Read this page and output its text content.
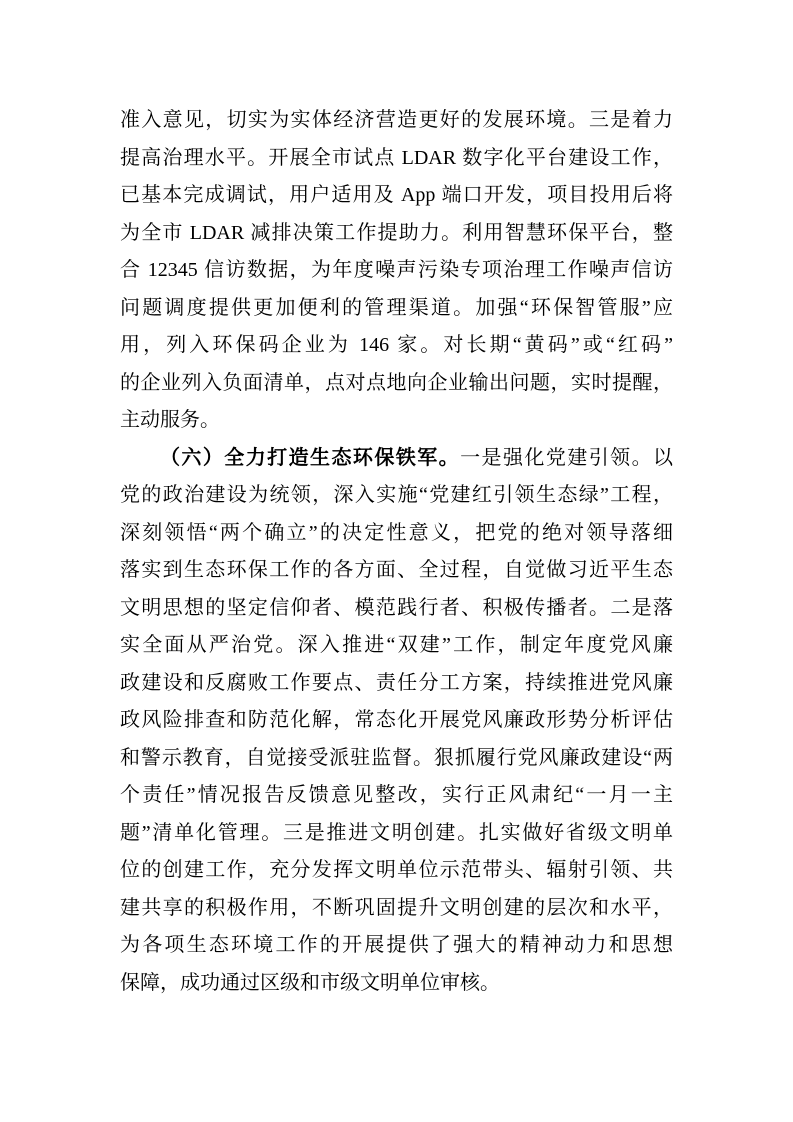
准入意见，切实为实体经济营造更好的发展环境。三是着力
提高治理水平。开展全市试点 LDAR 数字化平台建设工作，
已基本完成调试，用户适用及 App 端口开发，项目投用后将
为全市 LDAR 减排决策工作提助力。利用智慧环保平台，整
合 12345 信访数据，为年度噪声污染专项治理工作噪声信访
问题调度提供更加便利的管理渠道。加强“环保智管服”应
用，列入环保码企业为 146 家。对长期“黄码”或“红码”
的企业列入负面清单，点对点地向企业输出问题，实时提醒，
主动服务。
（六）全力打造生态环保铁军。一是强化党建引领。以
党的政治建设为统领，深入实施“党建红引领生态绿”工程，
深刻领悟“两个确立”的决定性意义，把党的绝对领导落细
落实到生态环保工作的各方面、全过程，自觉做习近平生态
文明思想的坚定信仰者、模范践行者、积极传播者。二是落
实全面从严治党。深入推进“双建”工作，制定年度党风廉
政建设和反腐败工作要点、责任分工方案，持续推进党风廉
政风险排查和防范化解，常态化开展党风廉政形势分析评估
和警示教育，自觉接受派驻监督。狠抓履行党风廉政建设“两
个责任”情况报告反馈意见整改，实行正风肃纪“一月一主
题”清单化管理。三是推进文明创建。扎实做好省级文明单
位的创建工作，充分发挥文明单位示范带头、辐射引领、共
建共享的积极作用，不断巩固提升文明创建的层次和水平，
为各项生态环境工作的开展提供了强大的精神动力和思想
保障，成功通过区级和市级文明单位审核。
